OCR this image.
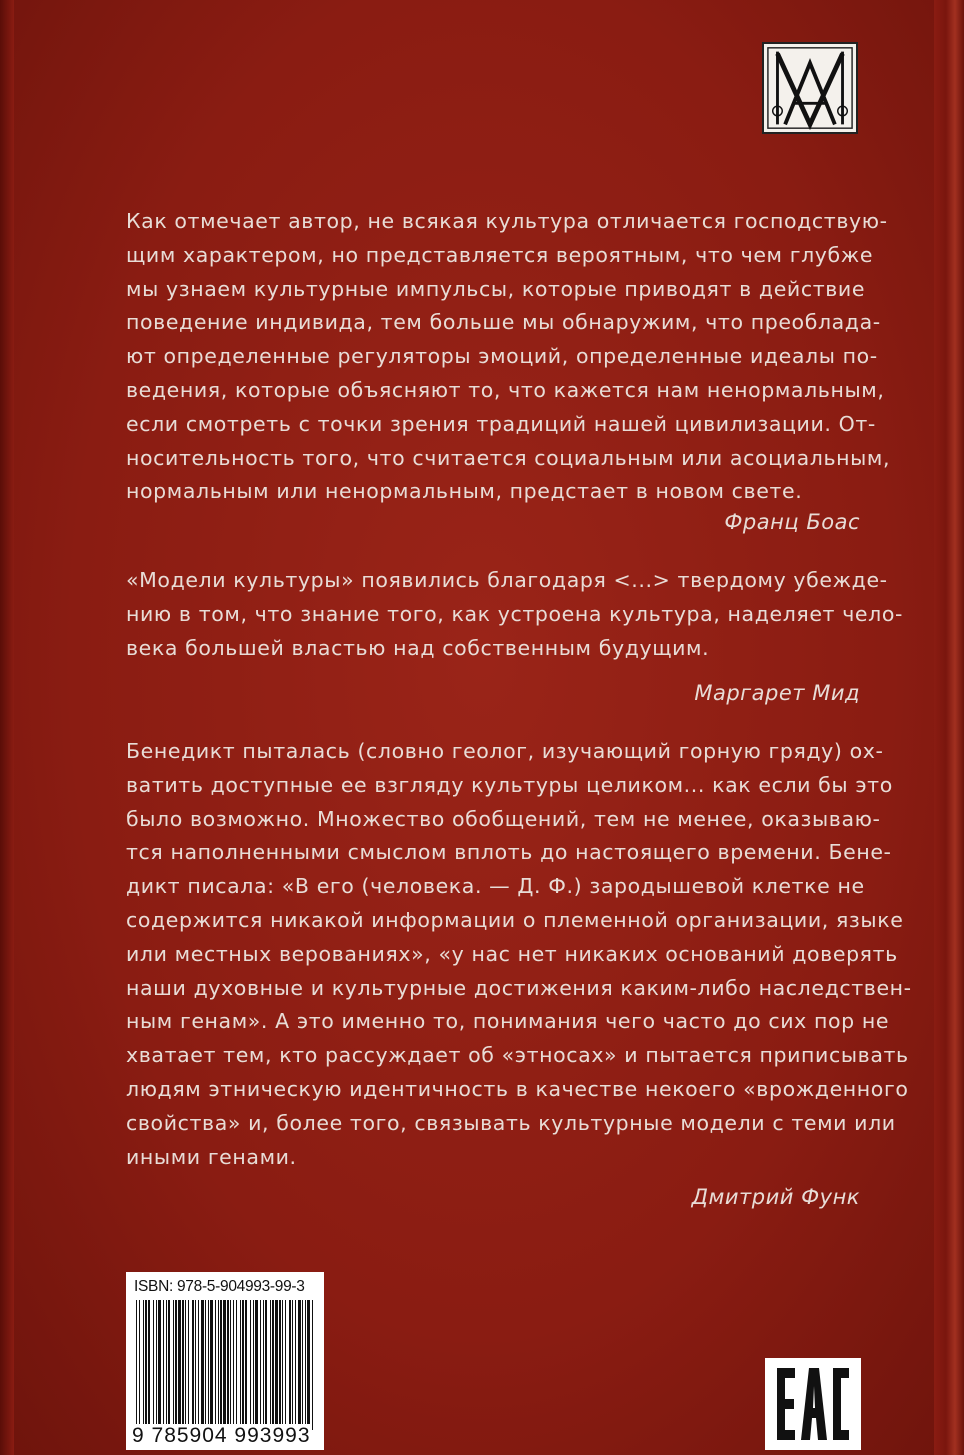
Как отмечает автор, не всякая культура отличается господствую-
щим характером, но представляется вероятным, что чем глубже
мы узнаем культурные импульсы, которые приводят в действие
поведение индивида, тем больше мы обнаружим, что преоблада-
ют определенные регуляторы эмоций, определенные идеалы по-
ведения, которые объясняют то, что кажется нам ненормальным,
если смотреть с точки зрения традиций нашей цивилизации. От-
носительность того, что считается социальным или асоциальным,
нормальным или ненормальным, предстает в новом свете.

Франц Боас

«Модели культуры» появились благодаря <...> твердому убежде-
нию в том, что знание того, как устроена культура, наделяет чело-
века большей властью над собственным будущим.

Маргарет Мид

Бенедикт пыталась (словно геолог, изучающий горную гряду) ох-
ватить доступные ее взгляду культуры целиком... как если бы это
было возможно. Множество обобщений, тем не менее, оказываю-
тся наполненными смыслом вплоть до настоящего времени. Бене-
дикт писала: «В его (человека. — Д. Ф.) зародышевой клетке не
содержится никакой информации о племенной организации, языке
или местных верованиях», «у нас нет никаких оснований доверять
наши духовные и культурные достижения каким-либо наследствен-
ным генам». А это именно то, понимания чего часто до сих пор не
хватает тем, кто рассуждает об «этносах» и пытается приписывать
людям этническую идентичность в качестве некоего «врожденного
свойства» и, более того, связывать культурные модели с теми или
иными генами.

Дмитрий Функ

ISBN: 978-5-904993-99-3
9 785904 993993
